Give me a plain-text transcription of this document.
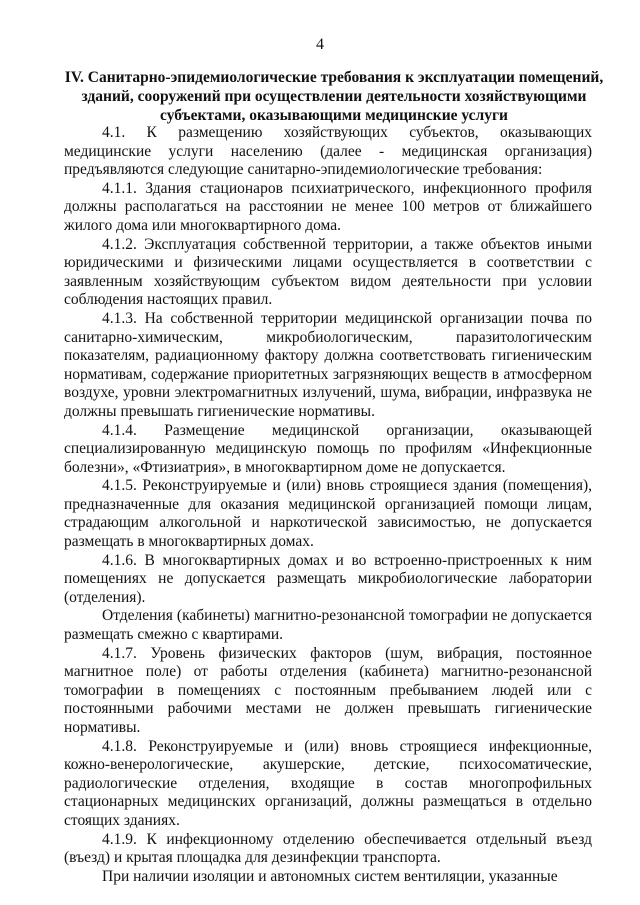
4
IV. Санитарно-эпидемиологические требования к эксплуатации помещений, зданий, сооружений при осуществлении деятельности хозяйствующими субъектами, оказывающими медицинские услуги

4.1. К размещению хозяйствующих субъектов, оказывающих медицинские услуги населению (далее - медицинская организация) предъявляются следующие санитарно-эпидемиологические требования:

4.1.1. Здания стационаров психиатрического, инфекционного профиля должны располагаться на расстоянии не менее 100 метров от ближайшего жилого дома или многоквартирного дома.

4.1.2. Эксплуатация собственной территории, а также объектов иными юридическими и физическими лицами осуществляется в соответствии с заявленным хозяйствующим субъектом видом деятельности при условии соблюдения настоящих правил.

4.1.3. На собственной территории медицинской организации почва по санитарно-химическим, микробиологическим, паразитологическим показателям, радиационному фактору должна соответствовать гигиеническим нормативам, содержание приоритетных загрязняющих веществ в атмосферном воздухе, уровни электромагнитных излучений, шума, вибрации, инфразвука не должны превышать гигиенические нормативы.

4.1.4. Размещение медицинской организации, оказывающей специализированную медицинскую помощь по профилям «Инфекционные болезни», «Фтизиатрия», в многоквартирном доме не допускается.

4.1.5. Реконструируемые и (или) вновь строящиеся здания (помещения), предназначенные для оказания медицинской организацией помощи лицам, страдающим алкогольной и наркотической зависимостью, не допускается размещать в многоквартирных домах.

4.1.6. В многоквартирных домах и во встроенно-пристроенных к ним помещениях не допускается размещать микробиологические лаборатории (отделения).

Отделения (кабинеты) магнитно-резонансной томографии не допускается размещать смежно с квартирами.

4.1.7. Уровень физических факторов (шум, вибрация, постоянное магнитное поле) от работы отделения (кабинета) магнитно-резонансной томографии в помещениях с постоянным пребыванием людей или с постоянными рабочими местами не должен превышать гигиенические нормативы.

4.1.8. Реконструируемые и (или) вновь строящиеся инфекционные, кожно-венерологические, акушерские, детские, психосоматические, радиологические отделения, входящие в состав многопрофильных стационарных медицинских организаций, должны размещаться в отдельно стоящих зданиях.

4.1.9. К инфекционному отделению обеспечивается отдельный въезд (въезд) и крытая площадка для дезинфекции транспорта.

При наличии изоляции и автономных систем вентиляции, указанные
